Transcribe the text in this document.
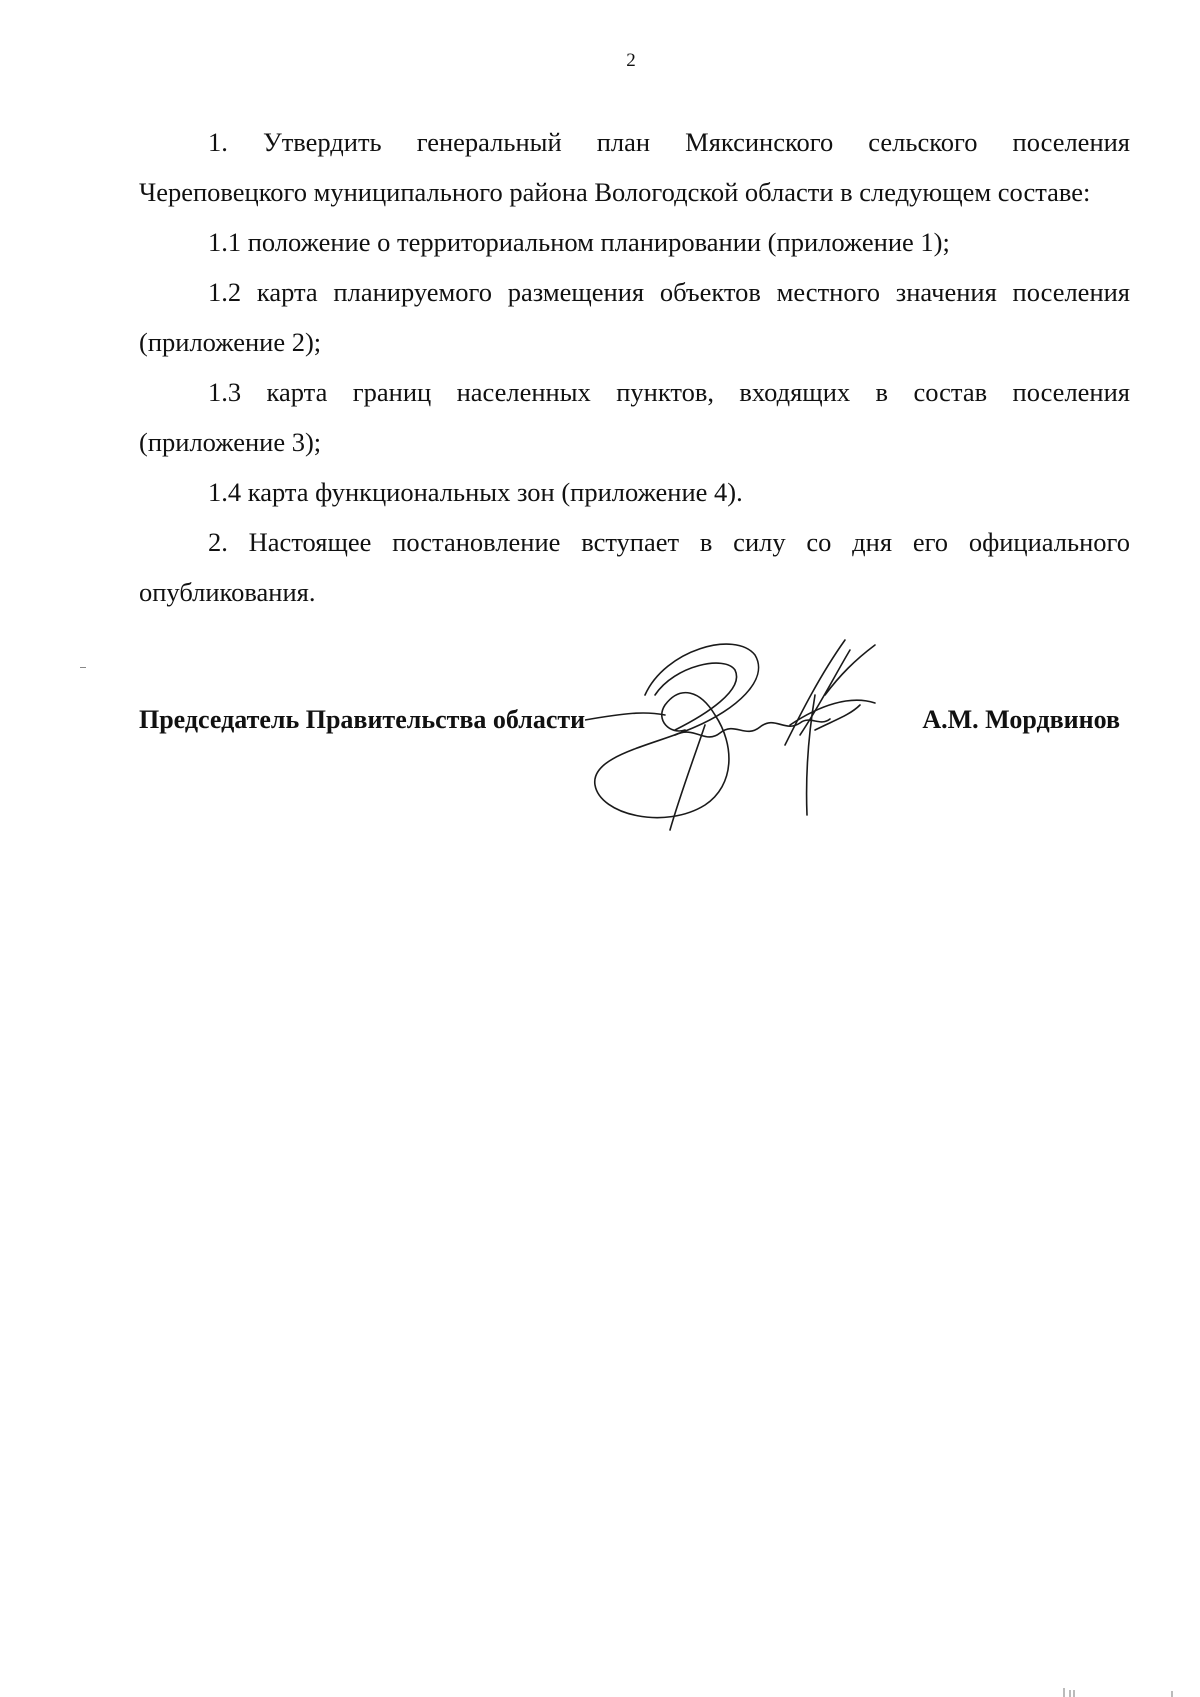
2

1. Утвердить генеральный план Мяксинского сельского поселения Череповецкого муниципального района Вологодской области в следующем составе:

1.1 положение о территориальном планировании (приложение 1);

1.2 карта планируемого размещения объектов местного значения поселения (приложение 2);

1.3 карта границ населенных пунктов, входящих в состав поселения (приложение 3);

1.4 карта функциональных зон (приложение 4).

2. Настоящее постановление вступает в силу со дня его официального опубликования.

Председатель Правительства области	А.М. Мордвинов
